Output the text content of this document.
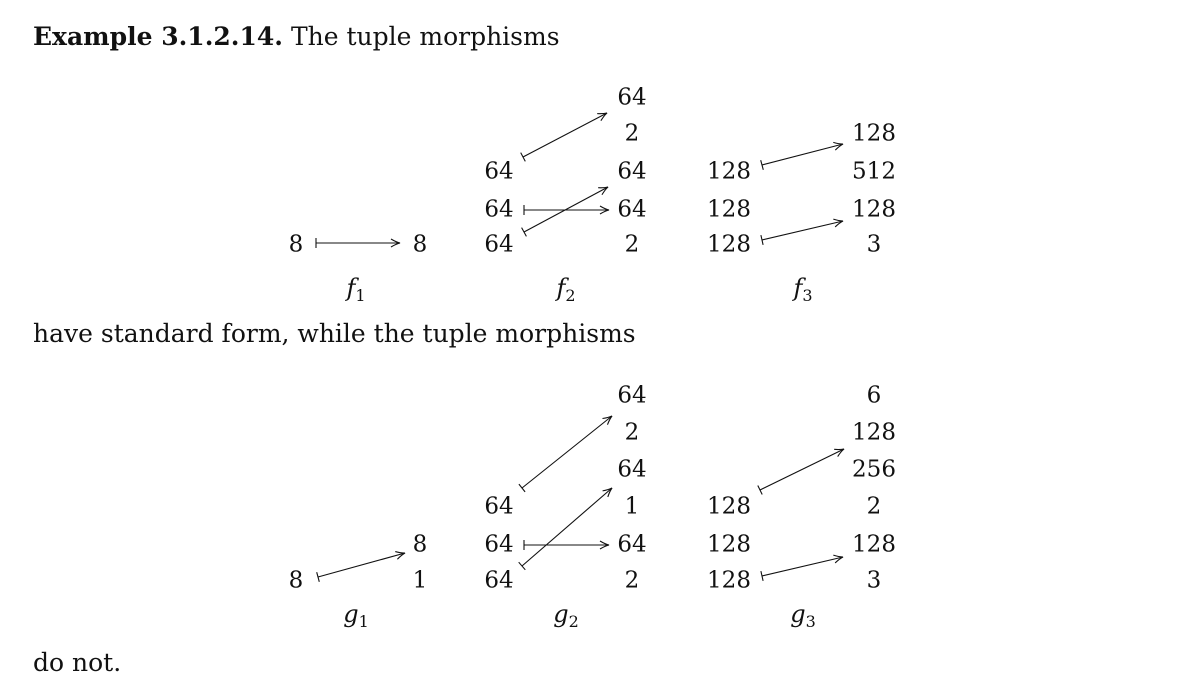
Example 3.1.2.14. The tuple morphisms
have standard form, while the tuple morphisms
do not.
8	8
$f_1$
64
64
64
64
2
64
64
2
$f_2$
128
128
128
128
512
128
3
$f_3$
8
8
1
$g_1$
64
64
64
64
2
64
1
64
2
$g_2$
128
128
128
6
128
256
2
128
3
$g_3$
